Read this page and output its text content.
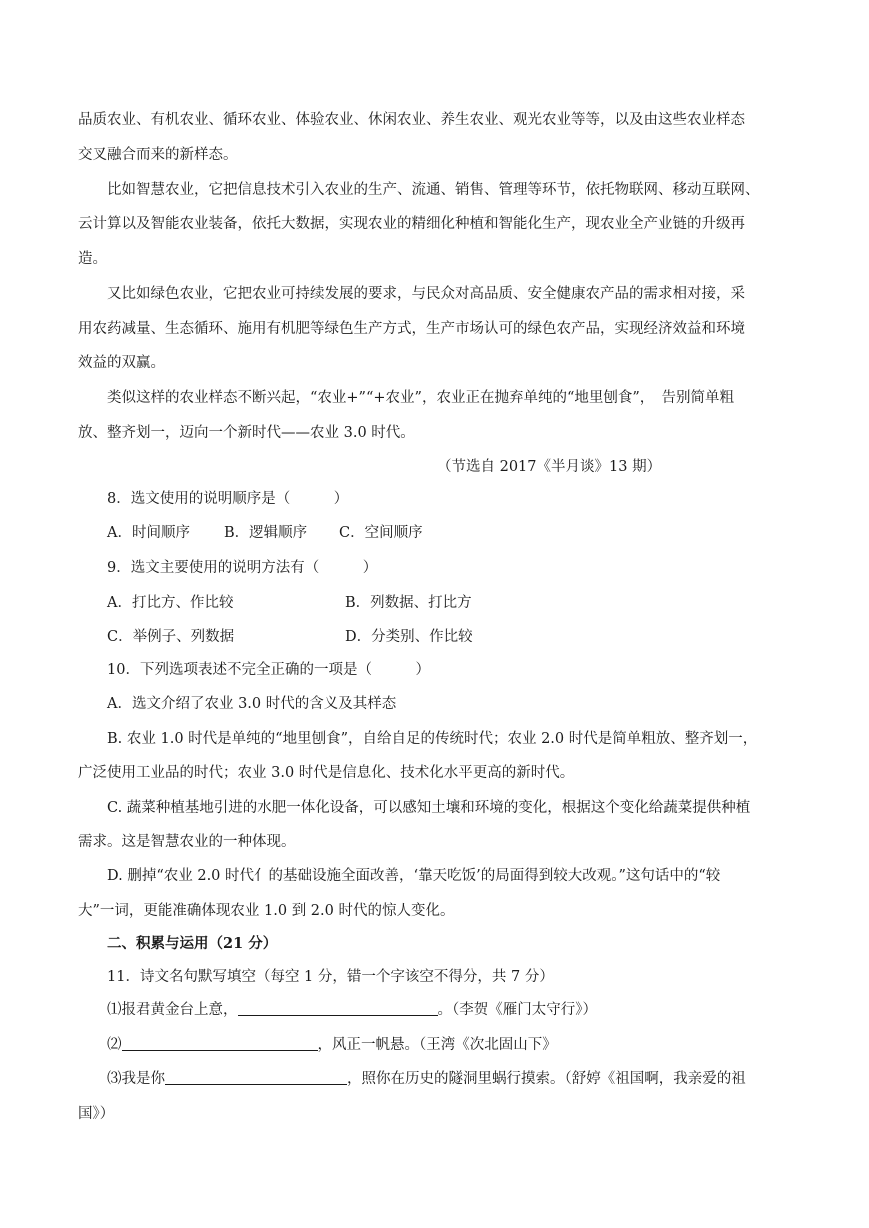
品质农业、有机农业、循环农业、体验农业、休闲农业、养生农业、观光农业等等，以及由这些农业样态
交叉融合而来的新样态。
比如智慧农业，它把信息技术引入农业的生产、流通、销售、管理等环节，依托物联网、移动互联网、
云计算以及智能农业装备，依托大数据，实现农业的精细化种植和智能化生产，现农业全产业链的升级再
造。
又比如绿色农业，它把农业可持续发展的要求，与民众对高品质、安全健康农产品的需求相对接，采
用农药减量、生态循环、施用有机肥等绿色生产方式，生产市场认可的绿色农产品，实现经济效益和环境
效益的双赢。
类似这样的农业样态不断兴起，“农业+”“+农业”，农业正在抛弃单纯的“地里刨食”，　告别简单粗
放、整齐划一，迈向一个新时代——农业 3.0 时代。
（节选自 2017《半月谈》13 期）
8．选文使用的说明顺序是（　　　）
A．时间顺序 B．逻辑顺序 C．空间顺序
9．选文主要使用的说明方法有（　　　）
A．打比方、作比较	B．列数据、打比方
C．举例子、列数据	D．分类别、作比较
10．下列选项表述不完全正确的一项是（　　　）
A．选文介绍了农业 3.0 时代的含义及其样态
B. 农业 1.0 时代是单纯的“地里刨食”，自给自足的传统时代；农业 2.0 时代是简单粗放、整齐划一，
广泛使用工业品的时代；农业 3.0 时代是信息化、技术化水平更高的新时代。
C. 蔬菜种植基地引进的水肥一体化设备，可以感知土壤和环境的变化，根据这个变化给蔬菜提供种植
需求。这是智慧农业的一种体现。
D. 删掉“农业 2.0 时代亻的基础设施全面改善，‘靠天吃饭’的局面得到较大改观。”这句话中的“较
大”一词，更能准确体现农业 1.0 到 2.0 时代的惊人变化。
二、积累与运用（21 分）
11．诗文名句默写填空（每空 1 分，错一个字该空不得分，共 7 分）
⑴报君黄金台上意，	。（李贺《雁门太守行》）
⑵	，风正一帆悬。（王湾《次北固山下》
⑶我是你	，照你在历史的隧洞里蜗行摸索。（舒婷《祖国啊，我亲爱的祖
国》）
